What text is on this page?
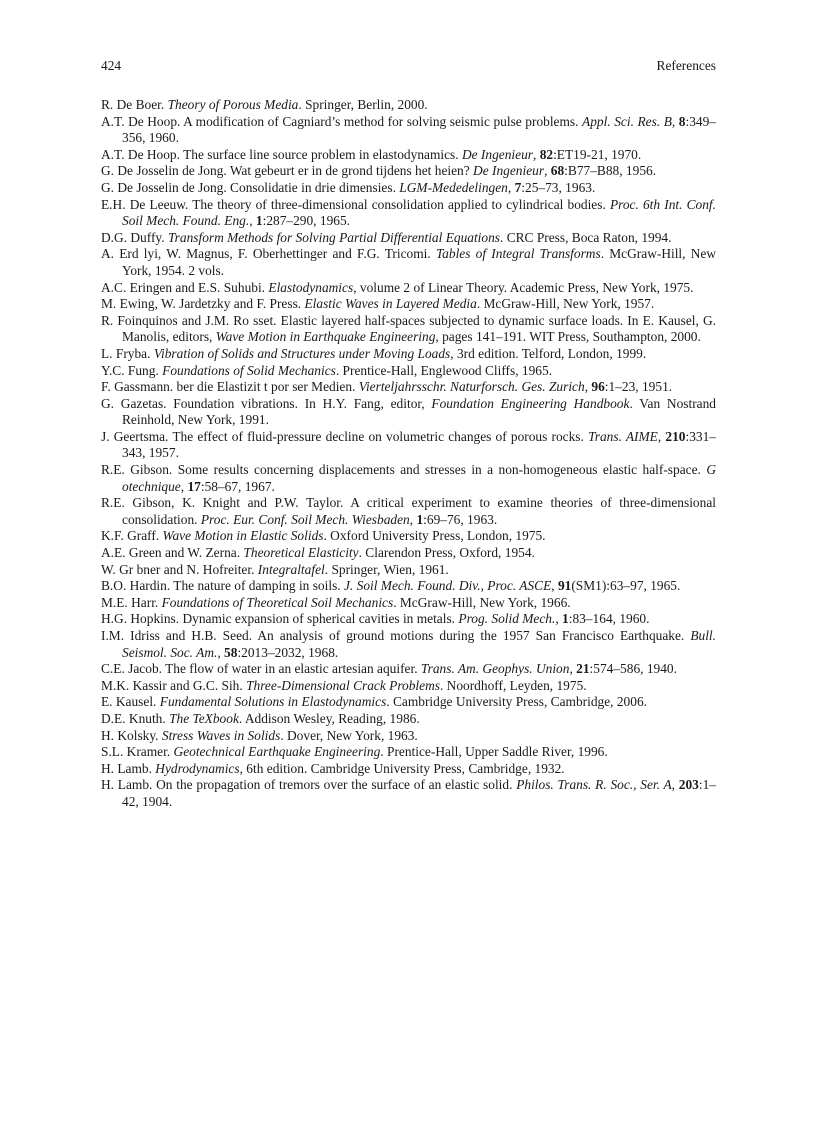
424	References
R. De Boer. Theory of Porous Media. Springer, Berlin, 2000.
A.T. De Hoop. A modification of Cagniard’s method for solving seismic pulse problems. Appl. Sci. Res. B, 8:349–356, 1960.
A.T. De Hoop. The surface line source problem in elastodynamics. De Ingenieur, 82:ET19-21, 1970.
G. De Josselin de Jong. Wat gebeurt er in de grond tijdens het heien? De Ingenieur, 68:B77–B88, 1956.
G. De Josselin de Jong. Consolidatie in drie dimensies. LGM-Mededelingen, 7:25–73, 1963.
E.H. De Leeuw. The theory of three-dimensional consolidation applied to cylindrical bodies. Proc. 6th Int. Conf. Soil Mech. Found. Eng., 1:287–290, 1965.
D.G. Duffy. Transform Methods for Solving Partial Differential Equations. CRC Press, Boca Raton, 1994.
A. Erd lyi, W. Magnus, F. Oberhettinger and F.G. Tricomi. Tables of Integral Transforms. McGraw-Hill, New York, 1954. 2 vols.
A.C. Eringen and E.S. Suhubi. Elastodynamics, volume 2 of Linear Theory. Academic Press, New York, 1975.
M. Ewing, W. Jardetzky and F. Press. Elastic Waves in Layered Media. McGraw-Hill, New York, 1957.
R. Foinquinos and J.M. Ro sset. Elastic layered half-spaces subjected to dynamic surface loads. In E. Kausel, G. Manolis, editors, Wave Motion in Earthquake Engineering, pages 141–191. WIT Press, Southampton, 2000.
L. Fryba. Vibration of Solids and Structures under Moving Loads, 3rd edition. Telford, London, 1999.
Y.C. Fung. Foundations of Solid Mechanics. Prentice-Hall, Englewood Cliffs, 1965.
F. Gassmann. ber die Elastizit t por ser Medien. Vierteljahrsschr. Naturforsch. Ges. Zurich, 96:1–23, 1951.
G. Gazetas. Foundation vibrations. In H.Y. Fang, editor, Foundation Engineering Handbook. Van Nostrand Reinhold, New York, 1991.
J. Geertsma. The effect of fluid-pressure decline on volumetric changes of porous rocks. Trans. AIME, 210:331–343, 1957.
R.E. Gibson. Some results concerning displacements and stresses in a non-homogeneous elastic half-space. G otechnique, 17:58–67, 1967.
R.E. Gibson, K. Knight and P.W. Taylor. A critical experiment to examine theories of three-dimensional consolidation. Proc. Eur. Conf. Soil Mech. Wiesbaden, 1:69–76, 1963.
K.F. Graff. Wave Motion in Elastic Solids. Oxford University Press, London, 1975.
A.E. Green and W. Zerna. Theoretical Elasticity. Clarendon Press, Oxford, 1954.
W. Gr bner and N. Hofreiter. Integraltafel. Springer, Wien, 1961.
B.O. Hardin. The nature of damping in soils. J. Soil Mech. Found. Div., Proc. ASCE, 91(SM1):63–97, 1965.
M.E. Harr. Foundations of Theoretical Soil Mechanics. McGraw-Hill, New York, 1966.
H.G. Hopkins. Dynamic expansion of spherical cavities in metals. Prog. Solid Mech., 1:83–164, 1960.
I.M. Idriss and H.B. Seed. An analysis of ground motions during the 1957 San Francisco Earthquake. Bull. Seismol. Soc. Am., 58:2013–2032, 1968.
C.E. Jacob. The flow of water in an elastic artesian aquifer. Trans. Am. Geophys. Union, 21:574–586, 1940.
M.K. Kassir and G.C. Sih. Three-Dimensional Crack Problems. Noordhoff, Leyden, 1975.
E. Kausel. Fundamental Solutions in Elastodynamics. Cambridge University Press, Cambridge, 2006.
D.E. Knuth. The TeXbook. Addison Wesley, Reading, 1986.
H. Kolsky. Stress Waves in Solids. Dover, New York, 1963.
S.L. Kramer. Geotechnical Earthquake Engineering. Prentice-Hall, Upper Saddle River, 1996.
H. Lamb. Hydrodynamics, 6th edition. Cambridge University Press, Cambridge, 1932.
H. Lamb. On the propagation of tremors over the surface of an elastic solid. Philos. Trans. R. Soc., Ser. A, 203:1–42, 1904.
